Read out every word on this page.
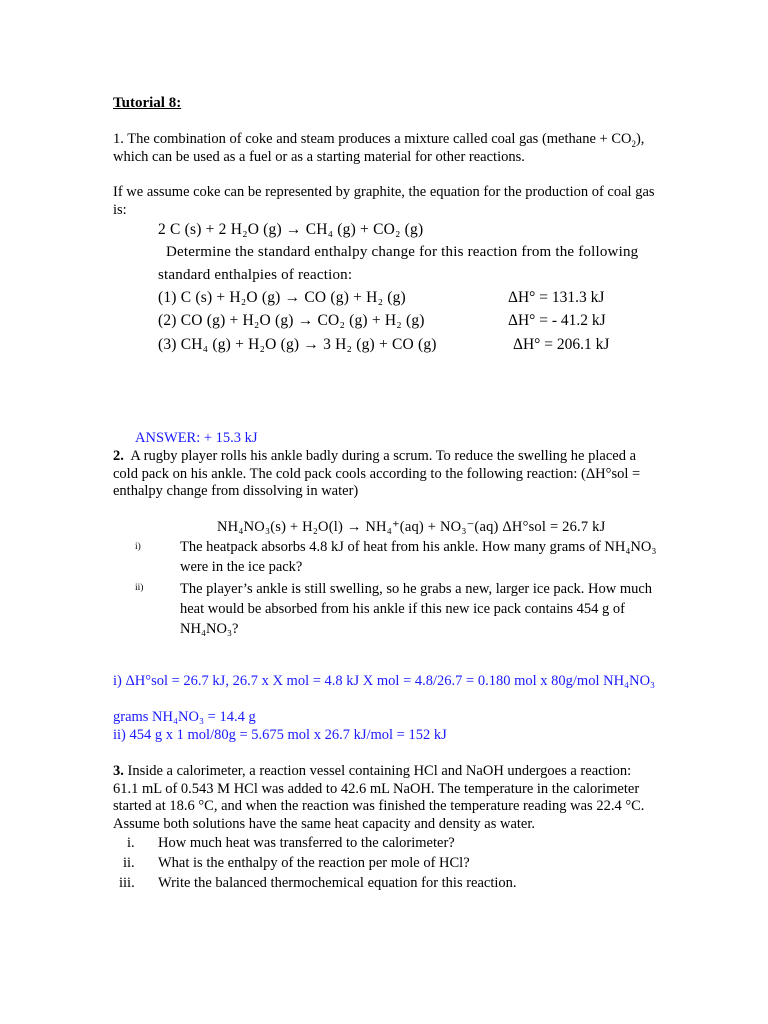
Tutorial 8:
1. The combination of coke and steam produces a mixture called coal gas (methane + $CO_2$), which can be used as a fuel or as a starting material for other reactions.
If we assume coke can be represented by graphite, the equation for the production of coal gas is:
2 C (s) + 2 H₂O (g) → CH₄ (g) + CO₂ (g)
Determine the standard enthalpy change for this reaction from the following
standard enthalpies of reaction:
(1) C (s) + H₂O (g) → CO (g) + H₂ (g)	ΔH° = 131.3 kJ
(2) CO (g) + H₂O (g) → CO₂ (g) + H₂ (g)	ΔH° = - 41.2 kJ
(3) CH₄ (g) + H₂O (g) → 3 H₂ (g) + CO (g)	ΔH° = 206.1 kJ
ANSWER: + 15.3 kJ
2. A rugby player rolls his ankle badly during a scrum. To reduce the swelling he placed a cold pack on his ankle. The cold pack cools according to the following reaction: (ΔH°sol = enthalpy change from dissolving in water)
NH₄NO₃(s) + H₂O(l) → NH₄⁺(aq) + NO₃⁻(aq) ΔH°sol = 26.7 kJ
i)	The heatpack absorbs 4.8 kJ of heat from his ankle. How many grams of NH₄NO₃ were in the ice pack?
ii)	The player’s ankle is still swelling, so he grabs a new, larger ice pack. How much heat would be absorbed from his ankle if this new ice pack contains 454 g of NH₄NO₃?
i) ΔH°sol = 26.7 kJ, 26.7 x X mol = 4.8 kJ X mol = 4.8/26.7 = 0.180 mol x 80g/mol NH₄NO₃
grams NH₄NO₃ = 14.4 g
ii) 454 g x 1 mol/80g = 5.675 mol x 26.7 kJ/mol = 152 kJ
3. Inside a calorimeter, a reaction vessel containing HCl and NaOH undergoes a reaction: 61.1 mL of 0.543 M HCl was added to 42.6 mL NaOH. The temperature in the calorimeter started at 18.6 °C, and when the reaction was finished the temperature reading was 22.4 °C. Assume both solutions have the same heat capacity and density as water.
i. How much heat was transferred to the calorimeter?
ii. What is the enthalpy of the reaction per mole of HCl?
iii. Write the balanced thermochemical equation for this reaction.
